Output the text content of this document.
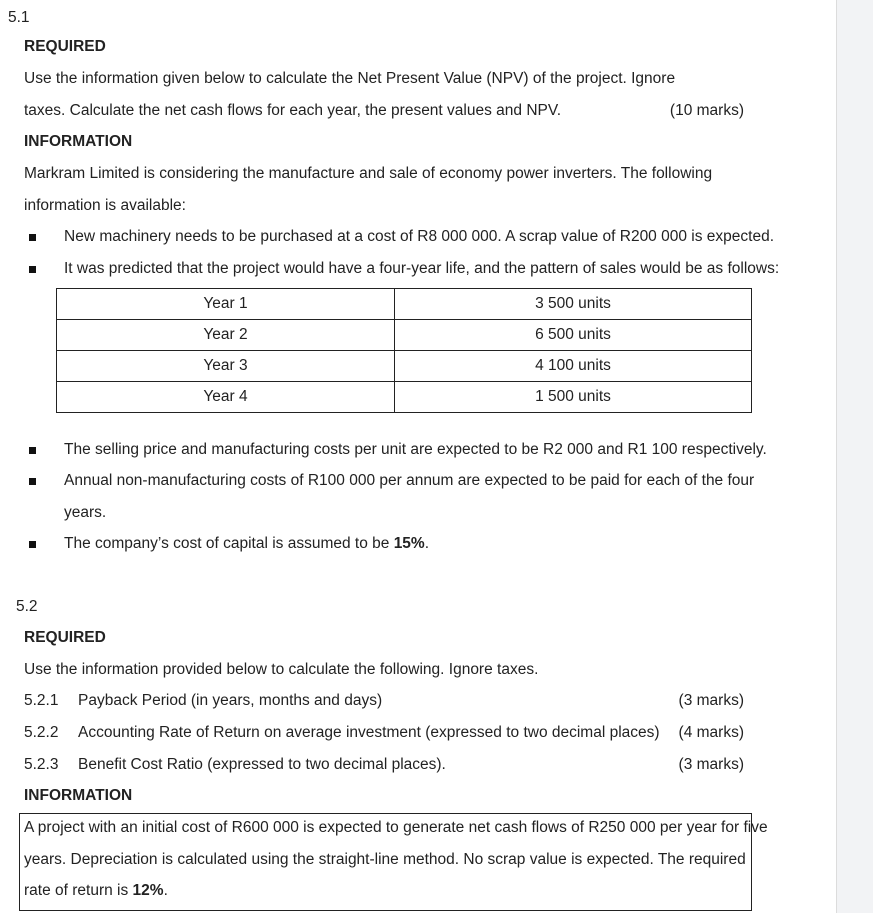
5.1
REQUIRED
Use the information given below to calculate the Net Present Value (NPV) of the project. Ignore
taxes. Calculate the net cash flows for each year, the present values and NPV.	(10 marks)
INFORMATION
Markram Limited is considering the manufacture and sale of economy power inverters. The following
information is available:
New machinery needs to be purchased at a cost of R8 000 000. A scrap value of R200 000 is expected.
It was predicted that the project would have a four-year life, and the pattern of sales would be as follows:
Year 1	3 500 units
Year 2	6 500 units
Year 3	4 100 units
Year 4	1 500 units
The selling price and manufacturing costs per unit are expected to be R2 000 and R1 100 respectively.
Annual non-manufacturing costs of R100 000 per annum are expected to be paid for each of the four
years.
The company’s cost of capital is assumed to be 15%.
5.2
REQUIRED
Use the information provided below to calculate the following. Ignore taxes.
5.2.1 Payback Period (in years, months and days)	(3 marks)
5.2.2 Accounting Rate of Return on average investment (expressed to two decimal places)	(4 marks)
5.2.3 Benefit Cost Ratio (expressed to two decimal places).	(3 marks)
INFORMATION
A project with an initial cost of R600 000 is expected to generate net cash flows of R250 000 per year for five
years. Depreciation is calculated using the straight-line method. No scrap value is expected. The required
rate of return is 12%.
